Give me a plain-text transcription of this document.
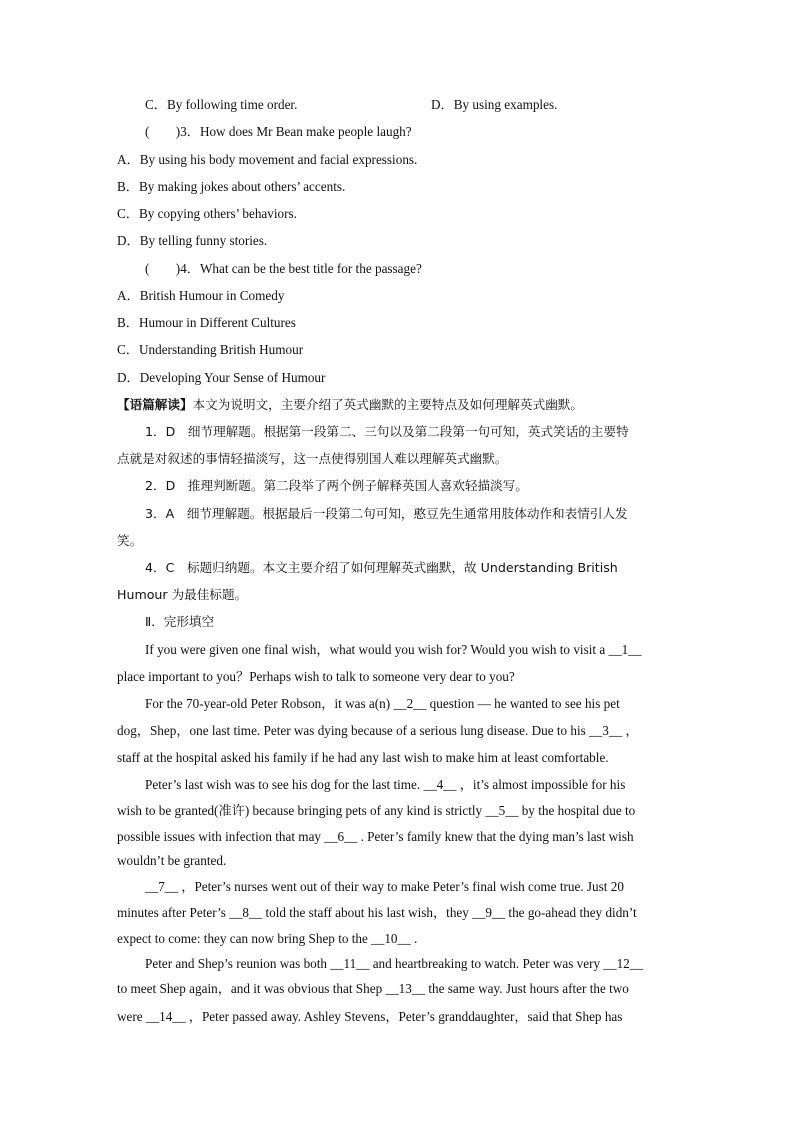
C．By following time order.	D．By using examples.
(　　)3．How does Mr Bean make people laugh?
A．By using his body movement and facial expressions.
B．By making jokes about others’ accents.
C．By copying others’ behaviors.
D．By telling funny stories.
(　　)4．What can be the best title for the passage?
A．British Humour in Comedy
B．Humour in Different Cultures
C．Understanding British Humour
D．Developing Your Sense of Humour
【语篇解读】本文为说明文，主要介绍了英式幽默的主要特点及如何理解英式幽默。
1．D　细节理解题。根据第一段第二、三句以及第二段第一句可知，英式笑话的主要特
点就是对叙述的事情轻描淡写，这一点使得别国人难以理解英式幽默。
2．D　推理判断题。第二段举了两个例子解释英国人喜欢轻描淡写。
3．A　细节理解题。根据最后一段第二句可知，憨豆先生通常用肢体动作和表情引人发
笑。
4．C　标题归纳题。本文主要介绍了如何理解英式幽默，故 Understanding British
Humour 为最佳标题。
Ⅱ．完形填空
If you were given one final wish，what would you wish for? Would you wish to visit a __1__
place important to you？Perhaps wish to talk to someone very dear to you?
For the 70-year-old Peter Robson，it was a(n) __2__ question — he wanted to see his pet
dog，Shep，one last time. Peter was dying because of a serious lung disease. Due to his __3__ ，
staff at the hospital asked his family if he had any last wish to make him at least comfortable.
Peter’s last wish was to see his dog for the last time. __4__ ，it’s almost impossible for his
wish to be granted(准许) because bringing pets of any kind is strictly __5__ by the hospital due to
possible issues with infection that may __6__ . Peter’s family knew that the dying man’s last wish
wouldn’t be granted.
__7__ ，Peter’s nurses went out of their way to make Peter’s final wish come true. Just 20
minutes after Peter’s __8__ told the staff about his last wish，they __9__ the go-ahead they didn’t
expect to come: they can now bring Shep to the __10__ .
Peter and Shep’s reunion was both __11__ and heartbreaking to watch. Peter was very __12__
to meet Shep again，and it was obvious that Shep __13__ the same way. Just hours after the two
were __14__ ，Peter passed away. Ashley Stevens，Peter’s granddaughter，said that Shep has
